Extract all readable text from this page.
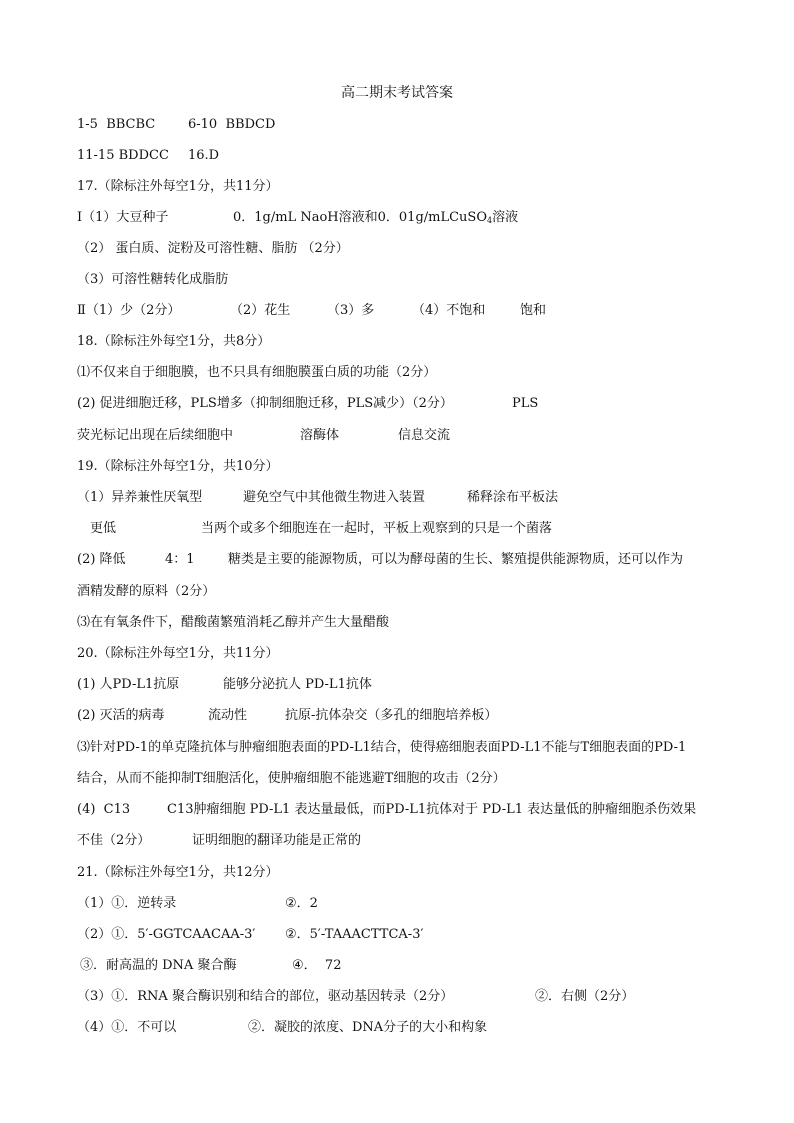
高二期末考试答案

1-5  BBCBC

	6-10  BBDCD

11-15 BDDCC

16.D

17.（除标注外每空1分，共11分）

Ⅰ（1）大豆种子

	0．1g/mL NaoH溶液和0．01g/mLCuSO$_4$溶液

（2） 蛋白质、淀粉及可溶性糖、脂肪 （2分）

（3）可溶性糖转化成脂肪

Ⅱ（1）少（2分）

	（2）花生

	（3）多

	（4）不饱和

	饱和

18.（除标注外每空1分，共8分）

⑴不仅来自于细胞膜，也不只具有细胞膜蛋白质的功能（2分）

(2) 促进细胞迁移，PLS增多（抑制细胞迁移，PLS减少）（2分）

	PLS

荧光标记出现在后续细胞中

	溶酶体

	信息交流

19.（除标注外每空1分，共10分）

（1）异养兼性厌氧型

	避免空气中其他微生物进入装置

	稀释涂布平板法

更低

	当两个或多个细胞连在一起时，平板上观察到的只是一个菌落

(2) 降低

	4：1

	糖类是主要的能源物质，可以为酵母菌的生长、繁殖提供能源物质，还可以作为

酒精发酵的原料（2分）

⑶在有氧条件下，醋酸菌繁殖消耗乙醇并产生大量醋酸

20.（除标注外每空1分，共11分）

(1) 人PD-L1抗原

	能够分泌抗人 PD-L1抗体

(2) 灭活的病毒

	流动性

	抗原-抗体杂交（多孔的细胞培养板）

⑶针对PD-1的单克隆抗体与肿瘤细胞表面的PD-L1结合，使得癌细胞表面PD-L1不能与T细胞表面的PD-1

结合，从而不能抑制T细胞活化，使肿瘤细胞不能逃避T细胞的攻击（2分）

(4)  C13

	C13肿瘤细胞 PD-L1 表达量最低，而PD-L1抗体对于 PD-L1 表达量低的肿瘤细胞杀伤效果

不佳（2分）

	证明细胞的翻译功能是正常的

21.（除标注外每空1分，共12分）

（1）①．逆转录

	②．2

（2）①．5′-GGTCAACAA-3′

②．5′-TAAACTTCA-3′

③．耐高温的 DNA 聚合酶

	④．  72

（3）①．RNA 聚合酶识别和结合的部位，驱动基因转录（2分）

	②．右侧（2分）

（4）①．不可以

	②．凝胶的浓度、DNA分子的大小和构象
